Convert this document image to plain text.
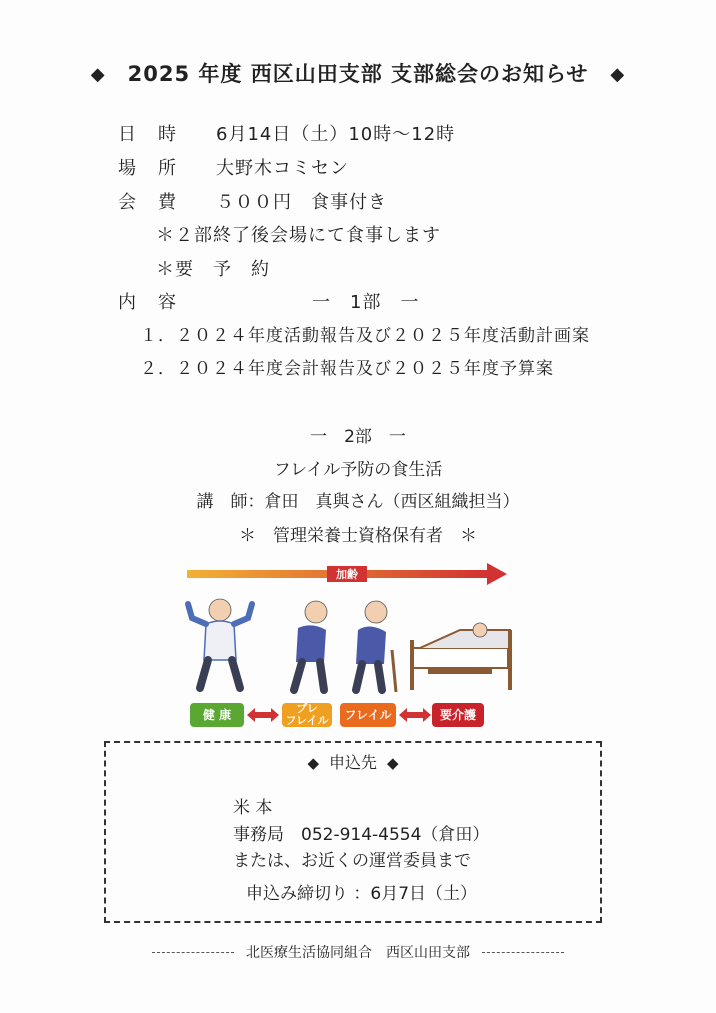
◆ 2025 年度 西区山田支部 支部総会のお知らせ ◆
日時 6月14日（土）10時～12時
場所 大野木コミセン
会費 ５００円　食事付き
＊２部終了後会場にて食事します
＊要　予　約
内容	一　1部　一
１．２０２４年度活動報告及び２０２５年度活動計画案
２．２０２４年度会計報告及び２０２５年度予算案
一　2部　一
フレイル予防の食生活
講　師：倉田　真與さん（西区組織担当）
＊　管理栄養士資格保有者　＊
加齢
健 康	プレ
フレイル	フレイル	要介護
◆ 申込先 ◆
米 本
事務局　052-914-4554（倉田）
または、お近くの運営委員まで
申込み締切り ：6月7日（土）
北医療生活協同組合　西区山田支部
